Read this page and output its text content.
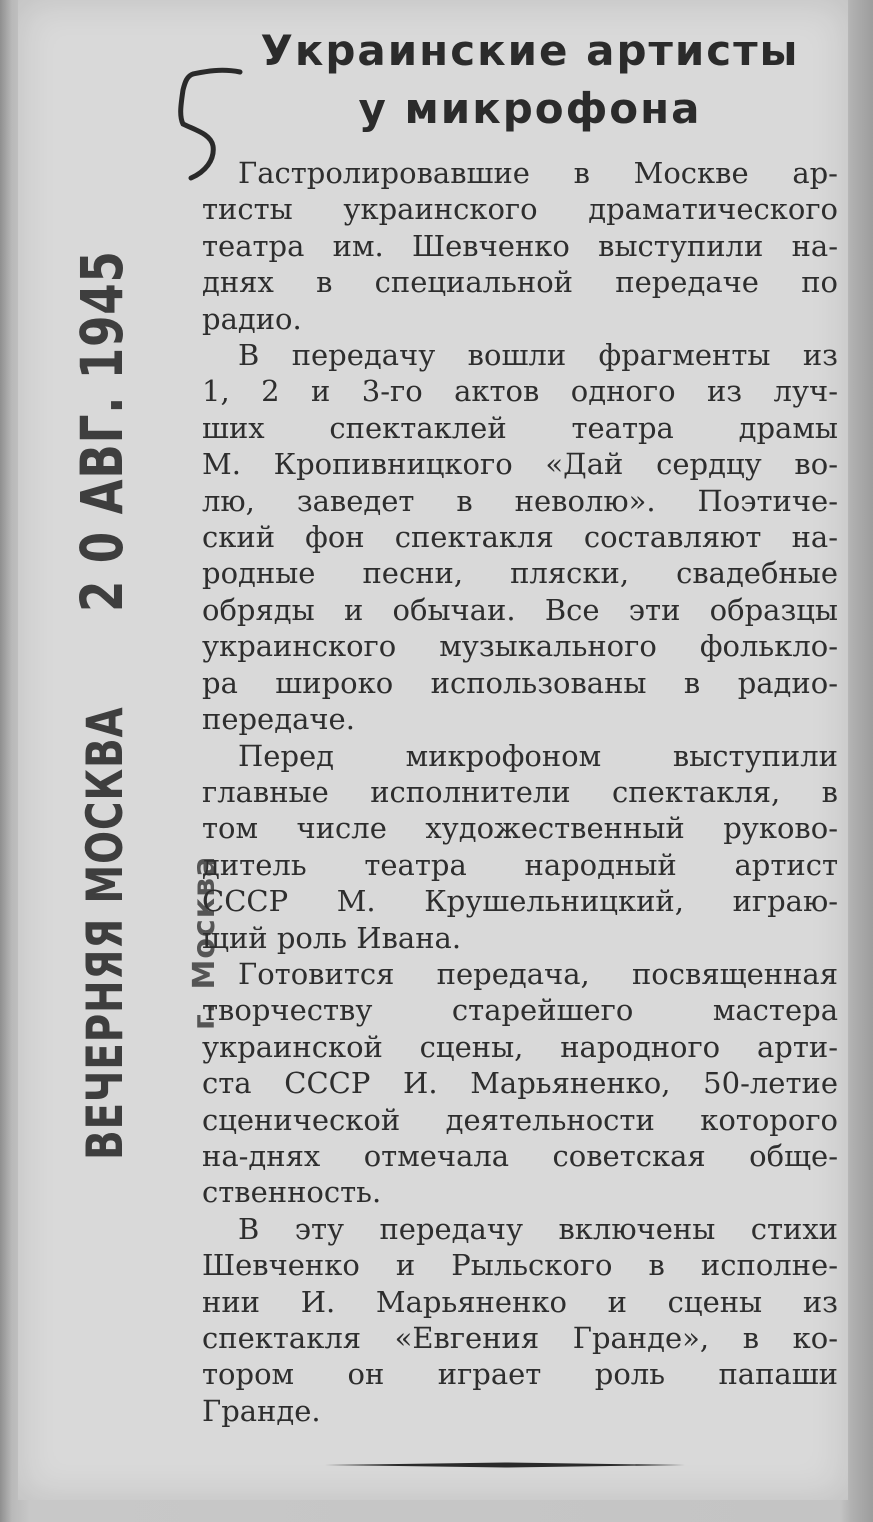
ВЕЧЕРНЯЯ МОСКВА 2 0 АВГ. 1945
г. Москва
Украинские артисты
у микрофона
Гастролировавшие в Москве ар-
тисты украинского драматического
театра им. Шевченко выступили на-
днях в специальной передаче по
радио.
В передачу вошли фрагменты из
1, 2 и 3-го актов одного из луч-
ших спектаклей театра драмы
М. Кропивницкого «Дай сердцу во-
лю, заведет в неволю». Поэтиче-
ский фон спектакля составляют на-
родные песни, пляски, свадебные
обряды и обычаи. Все эти образцы
украинского музыкального фолькло-
ра широко использованы в радио-
передаче.
Перед микрофоном выступили
главные исполнители спектакля, в
том числе художественный руково-
дитель театра народный артист
СССР М. Крушельницкий, играю-
щий роль Ивана.
Готовится передача, посвященная
творчеству старейшего мастера
украинской сцены, народного арти-
ста СССР И. Марьяненко, 50-летие
сценической деятельности которого
на-днях отмечала советская обще-
ственность.
В эту передачу включены стихи
Шевченко и Рыльского в исполне-
нии И. Марьяненко и сцены из
спектакля «Евгения Гранде», в ко-
тором он играет роль папаши
Гранде.
